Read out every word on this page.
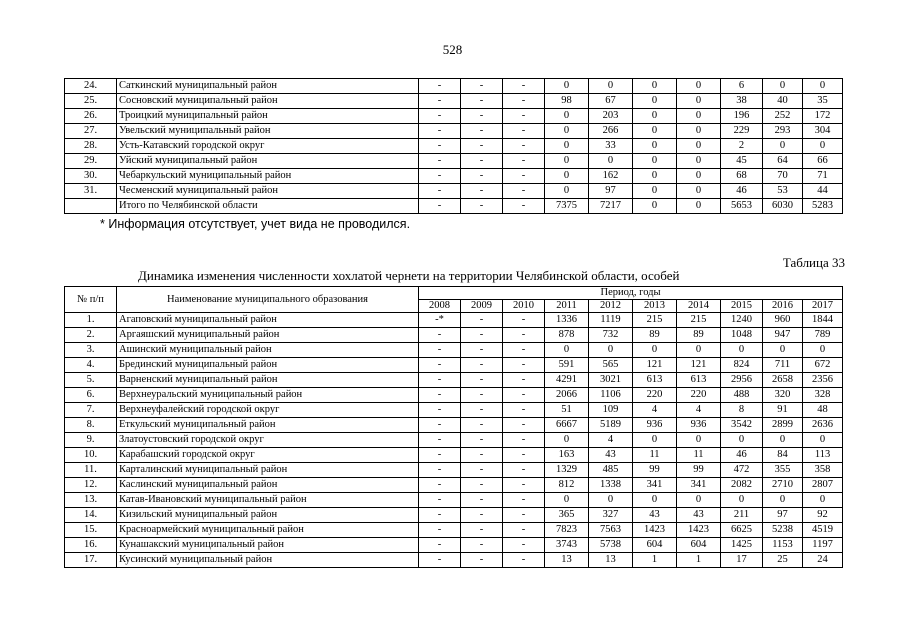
528
24.	Саткинский муниципальный район	-	-	-	0	0	0	0	6	0	0
25.	Сосновский муниципальный район	-	-	-	98	67	0	0	38	40	35
26.	Троицкий муниципальный район	-	-	-	0	203	0	0	196	252	172
27.	Увельский муниципальный район	-	-	-	0	266	0	0	229	293	304
28.	Усть-Катавский городской округ	-	-	-	0	33	0	0	2	0	0
29.	Уйский муниципальный район	-	-	-	0	0	0	0	45	64	66
30.	Чебаркульский муниципальный район	-	-	-	0	162	0	0	68	70	71
31.	Чесменский муниципальный район	-	-	-	0	97	0	0	46	53	44
	Итого по Челябинской области	-	-	-	7375	7217	0	0	5653	6030	5283
* Информация отсутствует, учет вида не проводился.
Таблица 33
Динамика изменения численности хохлатой чернети на территории Челябинской области, особей
№ п/п	Наименование муниципального образования	Период, годы									
		2008	2009	2010	2011	2012	2013	2014	2015	2016	2017
1.	Агаповский муниципальный район	-*	-	-	1336	1119	215	215	1240	960	1844
2.	Аргаяшский муниципальный район	-	-	-	878	732	89	89	1048	947	789
3.	Ашинский муниципальный район	-	-	-	0	0	0	0	0	0	0
4.	Брединский муниципальный район	-	-	-	591	565	121	121	824	711	672
5.	Варненский муниципальный район	-	-	-	4291	3021	613	613	2956	2658	2356
6.	Верхнеуральский муниципальный район	-	-	-	2066	1106	220	220	488	320	328
7.	Верхнеуфалейский городской округ	-	-	-	51	109	4	4	8	91	48
8.	Еткульский муниципальный район	-	-	-	6667	5189	936	936	3542	2899	2636
9.	Златоустовский городской округ	-	-	-	0	4	0	0	0	0	0
10.	Карабашский городской округ	-	-	-	163	43	11	11	46	84	113
11.	Карталинский муниципальный район	-	-	-	1329	485	99	99	472	355	358
12.	Каслинский муниципальный район	-	-	-	812	1338	341	341	2082	2710	2807
13.	Катав-Ивановский муниципальный район	-	-	-	0	0	0	0	0	0	0
14.	Кизильский муниципальный район	-	-	-	365	327	43	43	211	97	92
15.	Красноармейский муниципальный район	-	-	-	7823	7563	1423	1423	6625	5238	4519
16.	Кунашакский муниципальный район	-	-	-	3743	5738	604	604	1425	1153	1197
17.	Кусинский муниципальный район	-	-	-	13	13	1	1	17	25	24
